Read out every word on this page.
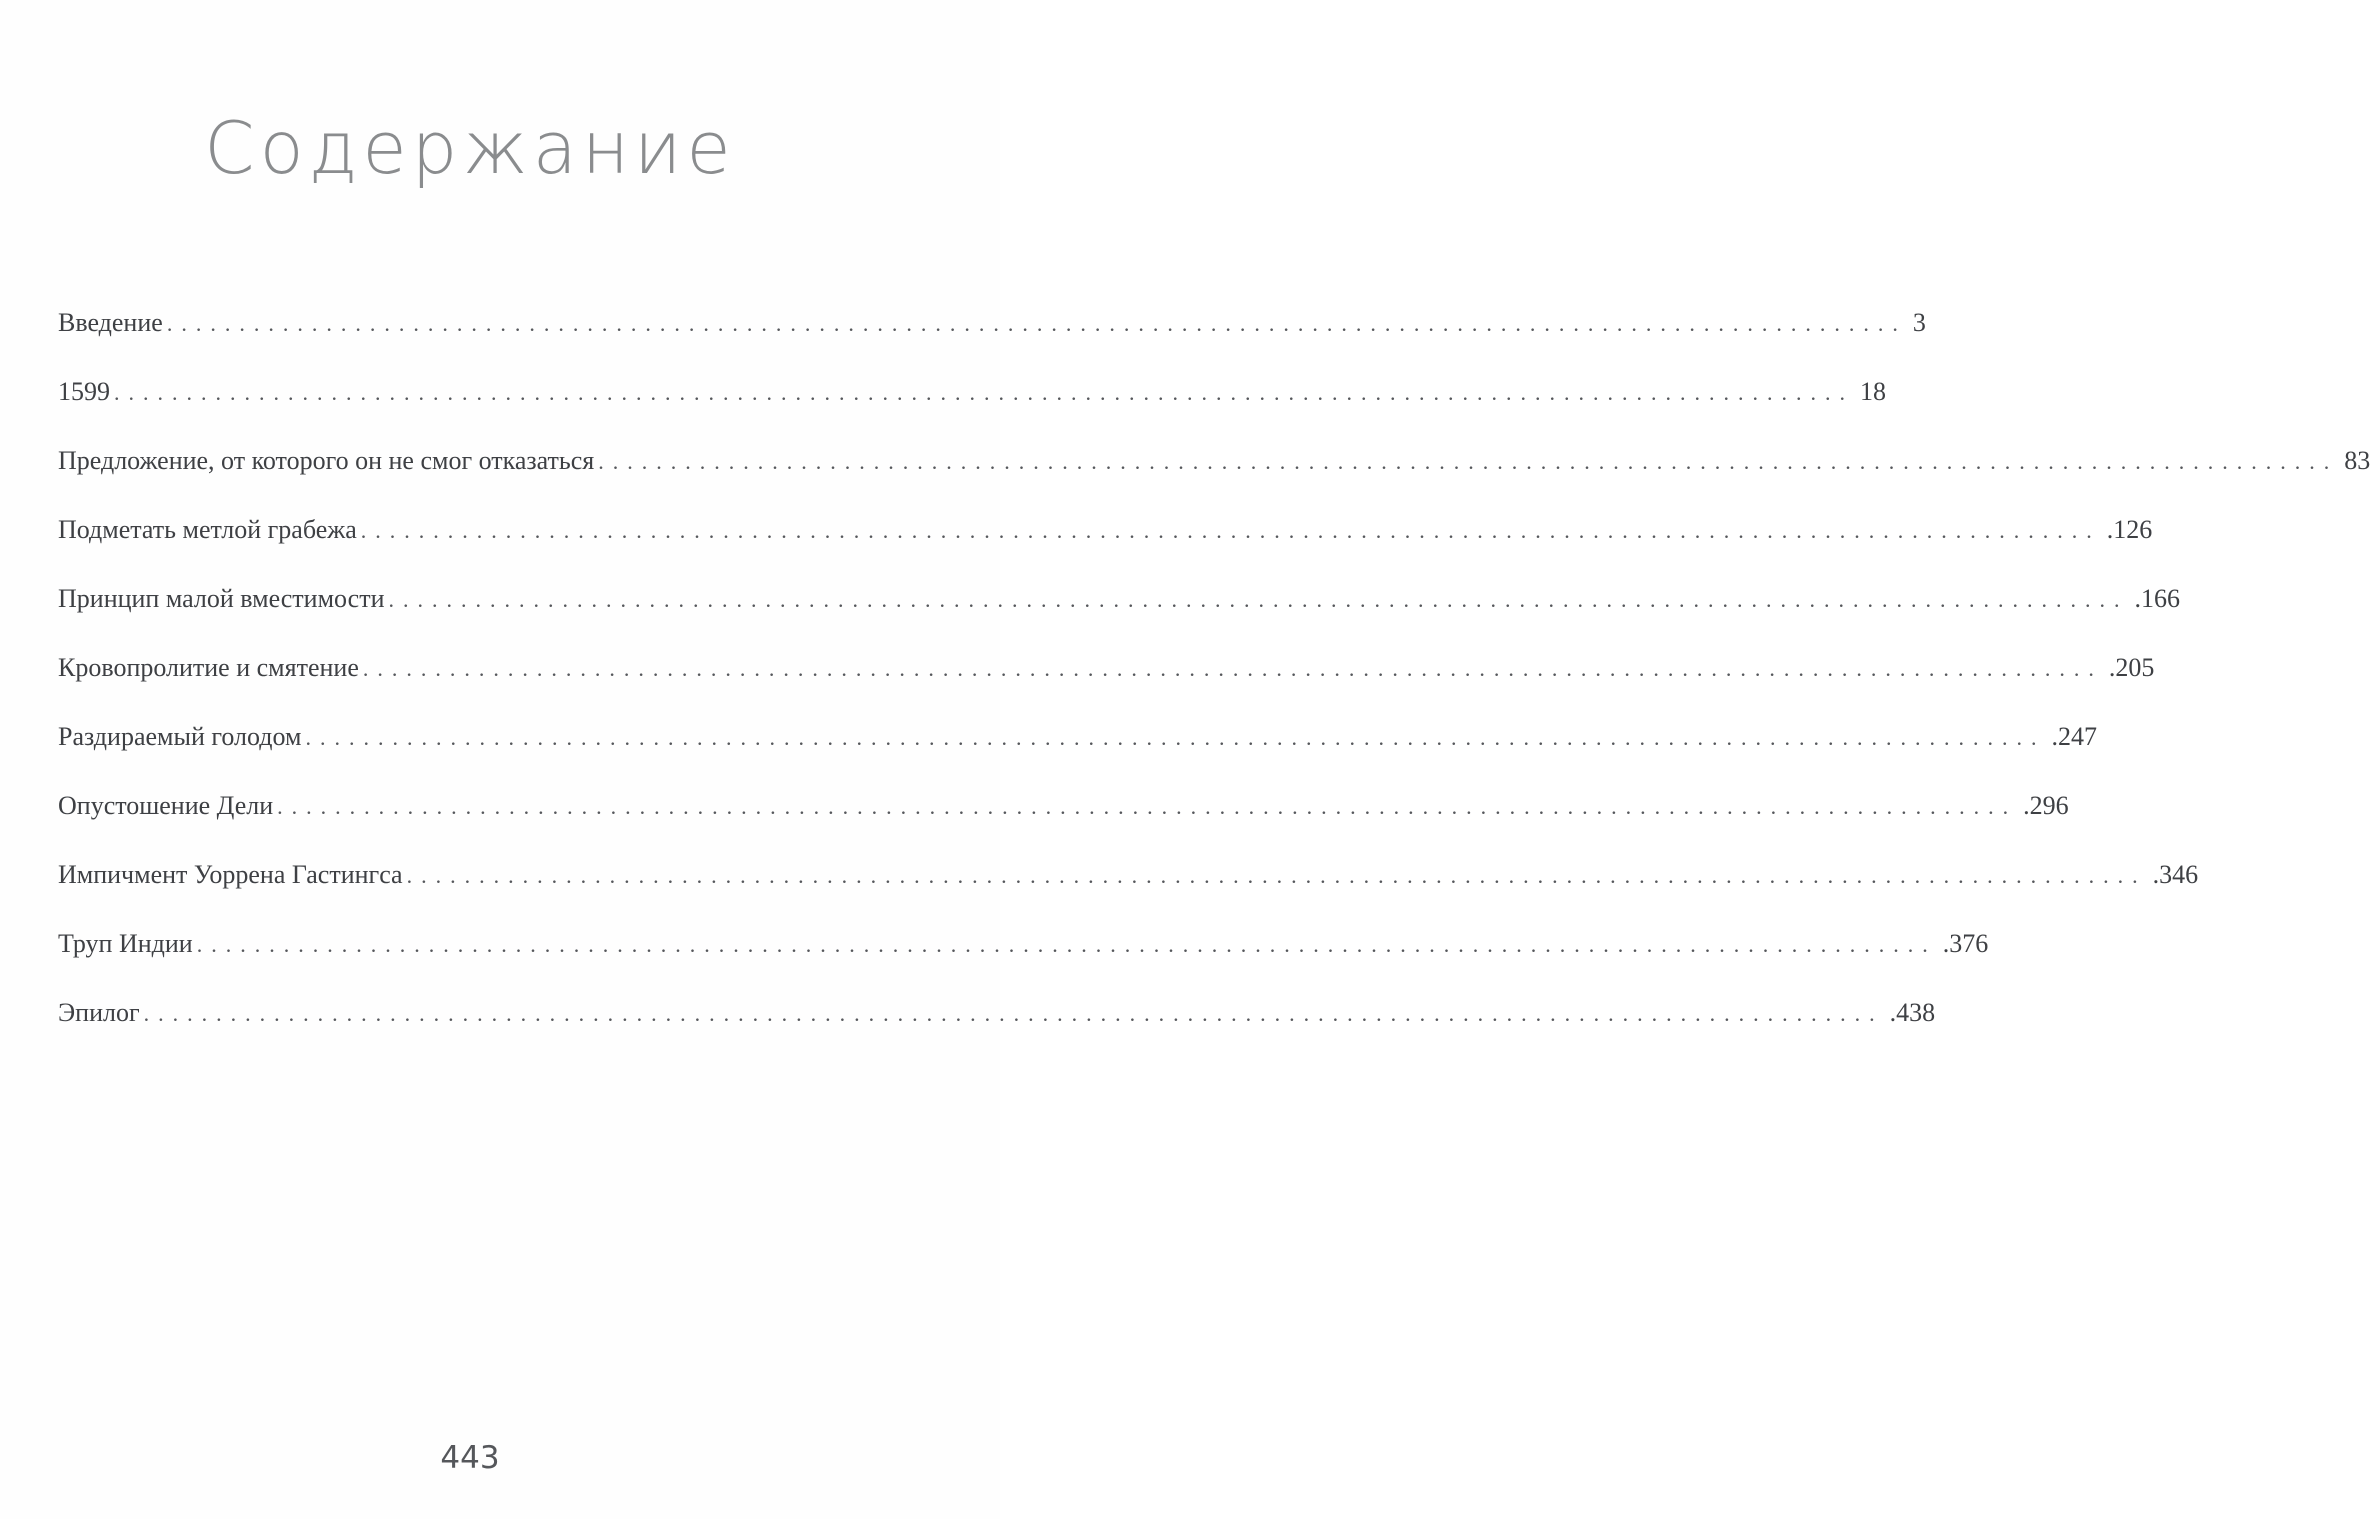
Содержание
Введение ........................................................................................................................ 3
1599 ........................................................................................................................ 18
Предложение, от которого он не смог отказаться ........................................................................................................................ 83
Подметать метлой грабежа ........................................................................................................................ .126
Принцип малой вместимости ........................................................................................................................ .166
Кровопролитие и смятение ........................................................................................................................ .205
Раздираемый голодом ........................................................................................................................ .247
Опустошение Дели ........................................................................................................................ .296
Импичмент Уоррена Гастингса ........................................................................................................................ .346
Труп Индии ........................................................................................................................ .376
Эпилог ........................................................................................................................ .438
443
